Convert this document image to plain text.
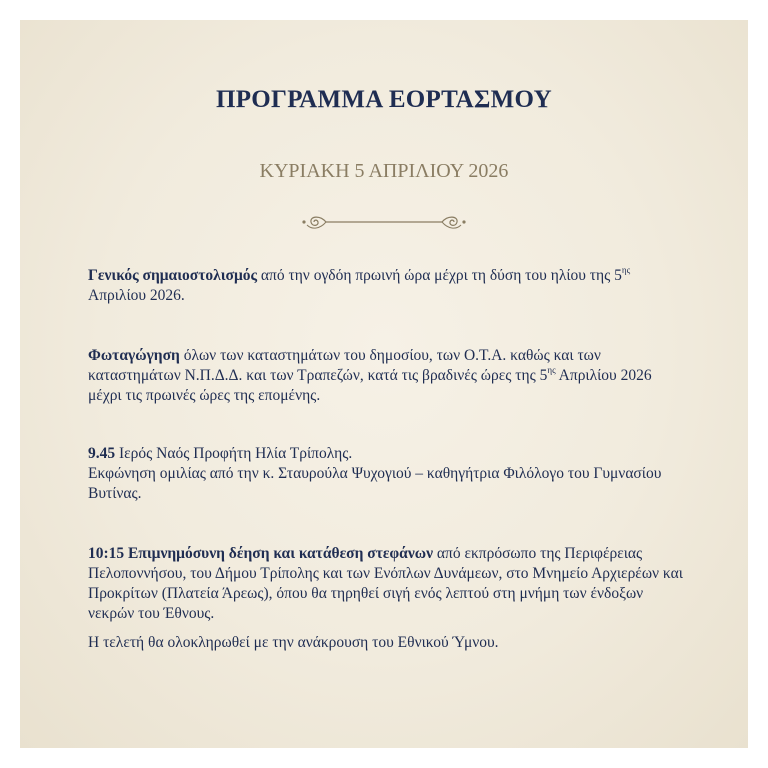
ΠΡΟΓΡΑΜΜΑ ΕΟΡΤΑΣΜΟΥ
ΚΥΡΙΑΚΗ 5 ΑΠΡΙΛΙΟΥ 2026
Γενικός σημαιοστολισμός από την ογδόη πρωινή ώρα μέχρι τη δύση του ηλίου της $5^{\eta\varsigma}$ Απριλίου 2026.
Φωταγώγηση όλων των καταστημάτων του δημοσίου, των Ο.Τ.Α. καθώς και των καταστημάτων Ν.Π.Δ.Δ. και των Τραπεζών, κατά τις βραδινές ώρες της $5^{\eta\varsigma}$ Απριλίου 2026 μέχρι τις πρωινές ώρες της επομένης.
9.45 Ιερός Ναός Προφήτη Ηλία Τρίπολης.
Εκφώνηση ομιλίας από την κ. Σταυρούλα Ψυχογιού – καθηγήτρια Φιλόλογο του Γυμνασίου Βυτίνας.
10:15 Επιμνημόσυνη δέηση και κατάθεση στεφάνων από εκπρόσωπο της Περιφέρειας Πελοποννήσου, του Δήμου Τρίπολης και των Ενόπλων Δυνάμεων, στο Μνημείο Αρχιερέων και Προκρίτων (Πλατεία Άρεως), όπου θα τηρηθεί σιγή ενός λεπτού στη μνήμη των ένδοξων νεκρών του Έθνους.
Η τελετή θα ολοκληρωθεί με την ανάκρουση του Εθνικού Ύμνου.
